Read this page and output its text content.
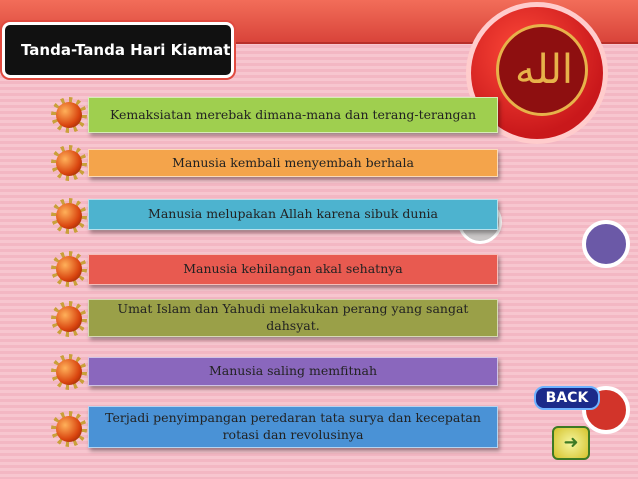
Tanda-Tanda Hari Kiamat	الله
Kemaksiatan merebak dimana-mana dan terang-terangan
Manusia kembali menyembah berhala
Manusia melupakan Allah karena sibuk dunia
Manusia kehilangan akal sehatnya
Umat Islam dan Yahudi melakukan perang yang sangat dahsyat.
Manusia saling memfitnah
Terjadi penyimpangan peredaran tata surya dan kecepatan rotasi dan revolusinya
BACK
➜
